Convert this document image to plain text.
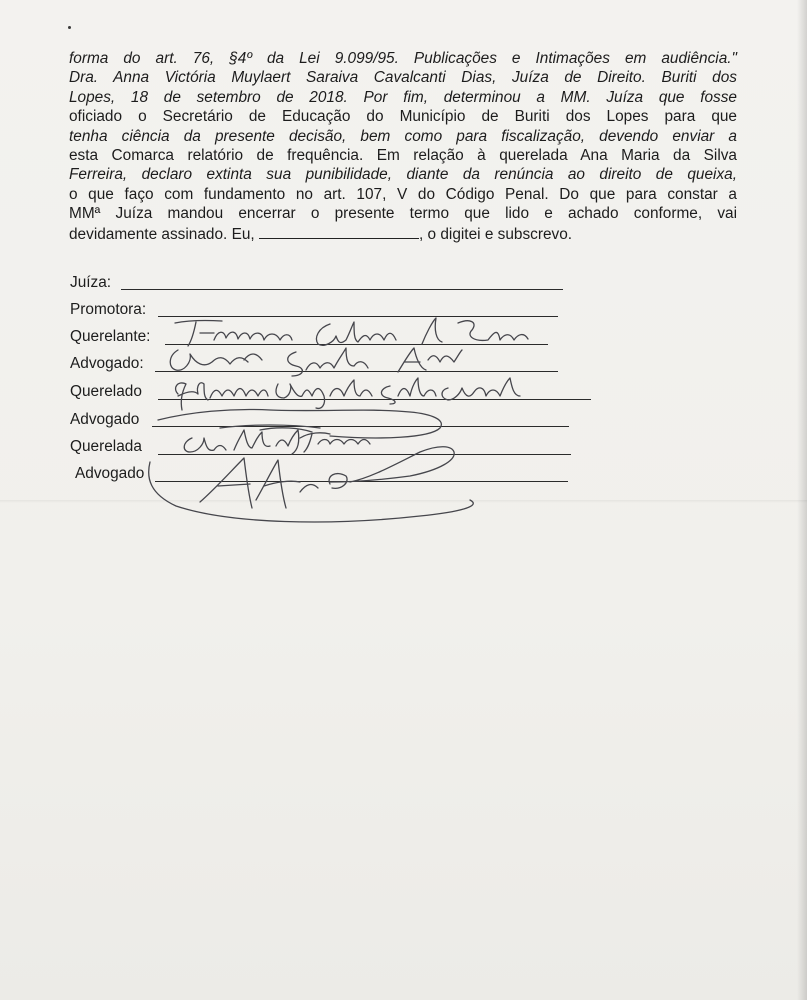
forma do art. 76, §4º da Lei 9.099/95. Publicações e Intimações em audiência."
Dra. Anna Victória Muylaert Saraiva Cavalcanti Dias, Juíza de Direito. Buriti dos
Lopes, 18 de setembro de 2018. Por fim, determinou a MM. Juíza que fosse
oficiado o Secretário de Educação do Município de Buriti dos Lopes para que
tenha ciência da presente decisão, bem como para fiscalização, devendo enviar a
esta Comarca relatório de frequência. Em relação à querelada Ana Maria da Silva
Ferreira, declaro extinta sua punibilidade, diante da renúncia ao direito de queixa,
o que faço com fundamento no art. 107, V do Código Penal. Do que para constar a
MMª Juíza mandou encerrar o presente termo que lido e achado conforme, vai
devidamente assinado. Eu,	, o digitei e subscrevo.
Juíza:
Promotora:
Querelante:
Advogado:
Querelado
Advogado
Querelada
Advogado
